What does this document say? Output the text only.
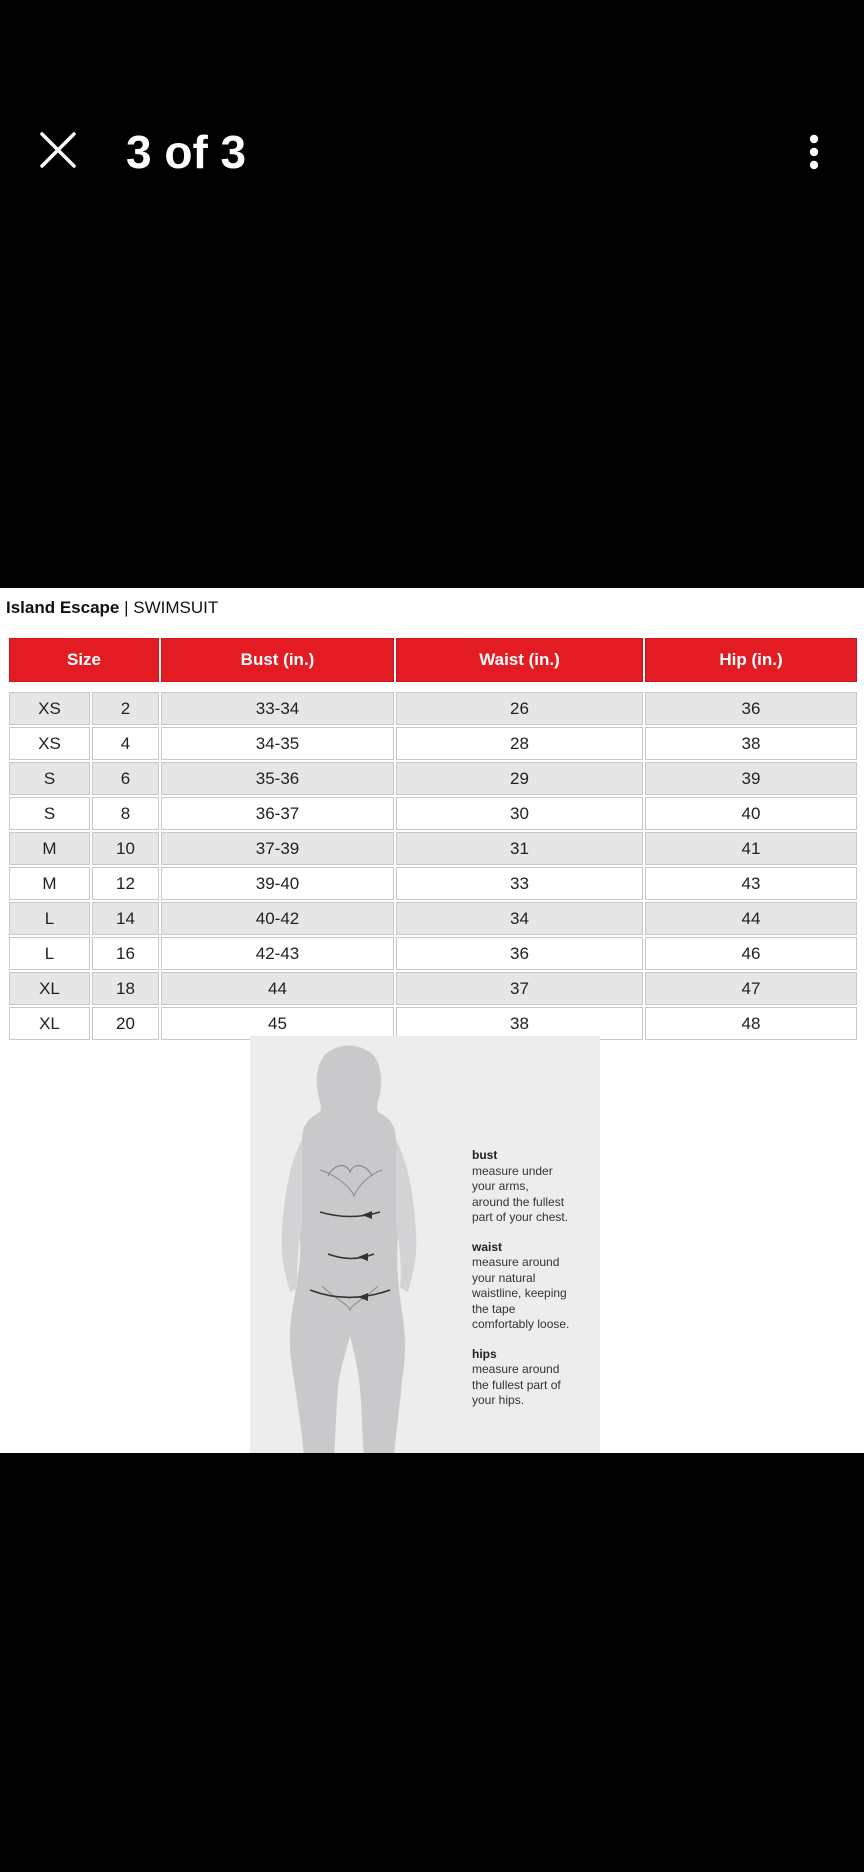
3 of 3
Island Escape | SWIMSUIT
Size		Bust (in.)	Waist (in.)	Hip (in.)

XS	2	33-34	26	36
XS	4	34-35	28	38
S	6	35-36	29	39
S	8	36-37	30	40
M	10	37-39	31	41
M	12	39-40	33	43
L	14	40-42	34	44
L	16	42-43	36	46
XL	18	44	37	47
XL	20	45	38	48
bust
measure under
your arms,
around the fullest
part of your chest.
waist
measure around
your natural
waistline, keeping
the tape
comfortably loose.
hips
measure around
the fullest part of
your hips.
